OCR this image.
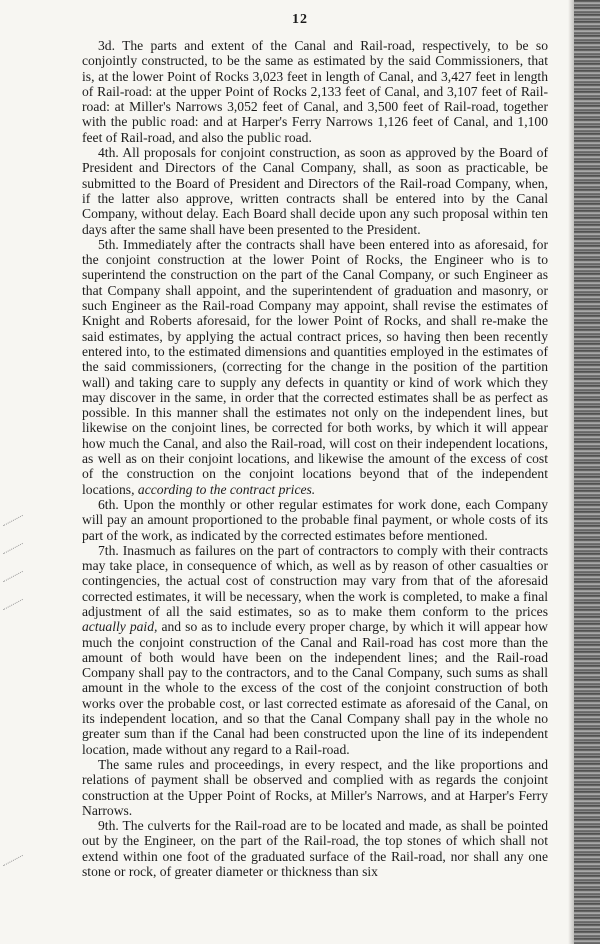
12

3d. The parts and extent of the Canal and Rail-road, respectively, to be so conjointly constructed, to be the same as estimated by the said Commissioners, that is, at the lower Point of Rocks 3,023 feet in length of Canal, and 3,427 feet in length of Rail-road: at the upper Point of Rocks 2,133 feet of Canal, and 3,107 feet of Rail-road: at Miller's Narrows 3,052 feet of Canal, and 3,500 feet of Rail-road, together with the public road: and at Harper's Ferry Narrows 1,126 feet of Canal, and 1,100 feet of Rail-road, and also the public road.

4th. All proposals for conjoint construction, as soon as approved by the Board of President and Directors of the Canal Company, shall, as soon as practicable, be submitted to the Board of President and Directors of the Rail-road Company, when, if the latter also approve, written contracts shall be entered into by the Canal Company, without delay. Each Board shall decide upon any such proposal within ten days after the same shall have been presented to the President.

5th. Immediately after the contracts shall have been entered into as aforesaid, for the conjoint construction at the lower Point of Rocks, the Engineer who is to superintend the construction on the part of the Canal Company, or such Engineer as that Company shall appoint, and the superintendent of graduation and masonry, or such Engineer as the Rail-road Company may appoint, shall revise the estimates of Knight and Roberts aforesaid, for the lower Point of Rocks, and shall re-make the said estimates, by applying the actual contract prices, so having then been recently entered into, to the estimated dimensions and quantities employed in the estimates of the said commissioners, (correcting for the change in the position of the partition wall) and taking care to supply any defects in quantity or kind of work which they may discover in the same, in order that the corrected estimates shall be as perfect as possible. In this manner shall the estimates not only on the independent lines, but likewise on the conjoint lines, be corrected for both works, by which it will appear how much the Canal, and also the Rail-road, will cost on their independent locations, as well as on their conjoint locations, and likewise the amount of the excess of cost of the construction on the conjoint locations beyond that of the independent locations, according to the contract prices.

6th. Upon the monthly or other regular estimates for work done, each Company will pay an amount proportioned to the probable final payment, or whole costs of its part of the work, as indicated by the corrected estimates before mentioned.

7th. Inasmuch as failures on the part of contractors to comply with their contracts may take place, in consequence of which, as well as by reason of other casualties or contingencies, the actual cost of construction may vary from that of the aforesaid corrected estimates, it will be necessary, when the work is completed, to make a final adjustment of all the said estimates, so as to make them conform to the prices actually paid, and so as to include every proper charge, by which it will appear how much the conjoint construction of the Canal and Rail-road has cost more than the amount of both would have been on the independent lines; and the Rail-road Company shall pay to the contractors, and to the Canal Company, such sums as shall amount in the whole to the excess of the cost of the conjoint construction of both works over the probable cost, or last corrected estimate as aforesaid of the Canal, on its independent location, and so that the Canal Company shall pay in the whole no greater sum than if the Canal had been constructed upon the line of its independent location, made without any regard to a Rail-road.

The same rules and proceedings, in every respect, and the like proportions and relations of payment shall be observed and complied with as regards the conjoint construction at the Upper Point of Rocks, at Miller's Narrows, and at Harper's Ferry Narrows.

9th. The culverts for the Rail-road are to be located and made, as shall be pointed out by the Engineer, on the part of the Rail-road, the top stones of which shall not extend within one foot of the graduated surface of the Rail-road, nor shall any one stone or rock, of greater diameter or thickness than six
